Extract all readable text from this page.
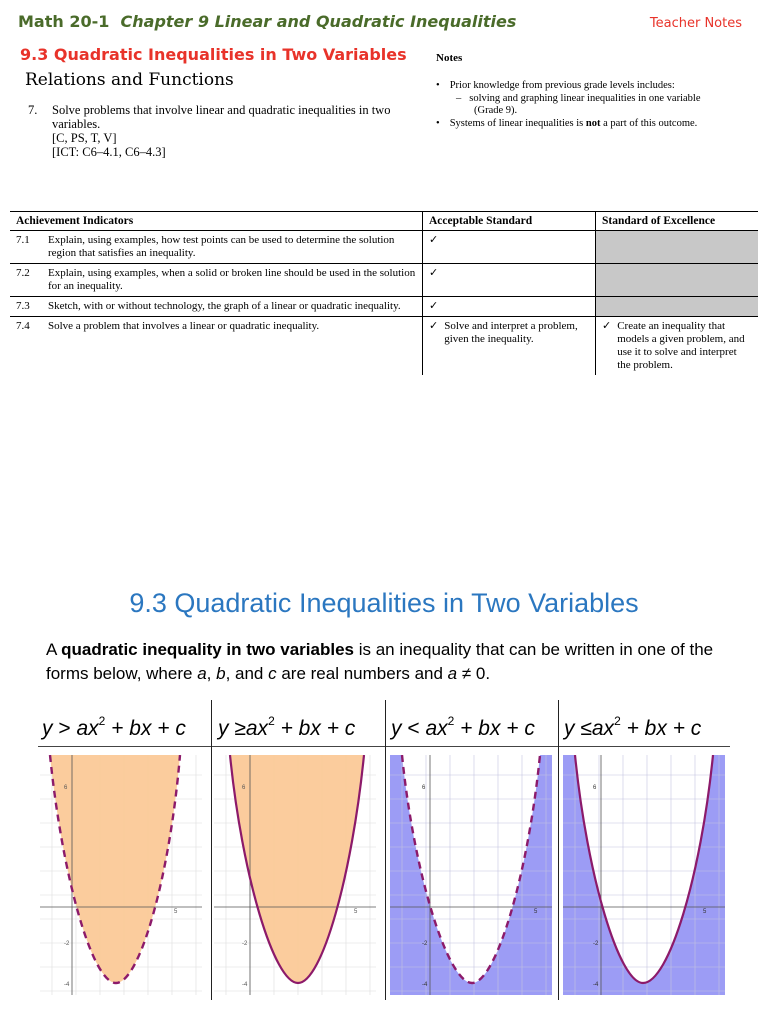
Math 20-1 Chapter 9 Linear and Quadratic Inequalities	Teacher Notes
9.3 Quadratic Inequalities in Two Variables
Relations and Functions
7. Solve problems that involve linear and quadratic inequalities in two variables.
[C, PS, T, V]
[ICT: C6–4.1, C6–4.3]
Notes
• Prior knowledge from previous grade levels includes:
– solving and graphing linear inequalities in one variable
(Grade 9).
• Systems of linear inequalities is not a part of this outcome.
Achievement Indicators		Acceptable Standard	Standard of Excellence
7.1	Explain, using examples, how test points can be used to determine the solution region that satisfies an inequality.	✓	
7.2	Explain, using examples, when a solid or broken line should be used in the solution for an inequality.	✓	
7.3	Sketch, with or without technology, the graph of a linear or quadratic inequality.	✓	
7.4	Solve a problem that involves a linear or quadratic inequality.	✓ Solve and interpret a problem, given the inequality.	✓ Create an inequality that models a given problem, and use it to solve and interpret the problem.
9.3 Quadratic Inequalities in Two Variables
A quadratic inequality in two variables is an inequality that can be written in one of the forms below, where a, b, and c are real numbers and a ≠ 0.
$y > ax^2$ + bx + c $y \ge ax^2$ + bx + c $y < ax^2$ + bx + c $y \le ax^2$ + bx + c
6
-2
-4
5
6
-2
-4
5
6
-2
-4
5
6
-2
-4
5
